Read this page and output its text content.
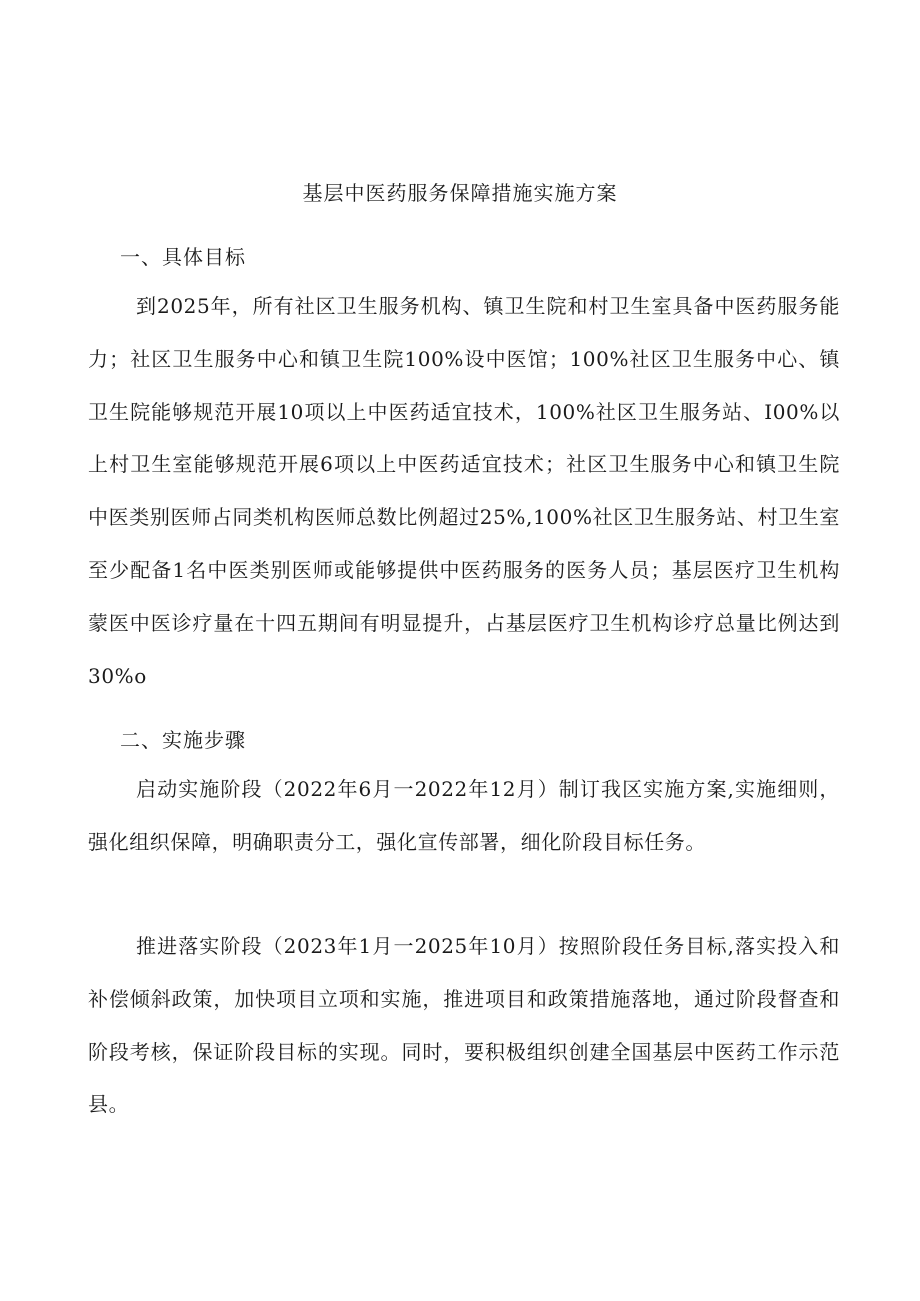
基层中医药服务保障措施实施方案
一、具体目标

到2025年，所有社区卫生服务机构、镇卫生院和村卫生室具备中医药服务能力；社区卫生服务中心和镇卫生院100%设中医馆；100%社区卫生服务中心、镇卫生院能够规范开展10项以上中医药适宜技术，100%社区卫生服务站、I00%以上村卫生室能够规范开展6项以上中医药适宜技术；社区卫生服务中心和镇卫生院中医类别医师占同类机构医师总数比例超过25%,100%社区卫生服务站、村卫生室至少配备1名中医类别医师或能够提供中医药服务的医务人员；基层医疗卫生机构蒙医中医诊疗量在十四五期间有明显提升，占基层医疗卫生机构诊疗总量比例达到30%o

二、实施步骤

启动实施阶段（2022年6月一2022年12月）制订我区实施方案,实施细则，强化组织保障，明确职责分工，强化宣传部署，细化阶段目标任务。

推进落实阶段（2023年1月一2025年10月）按照阶段任务目标,落实投入和补偿倾斜政策，加快项目立项和实施，推进项目和政策措施落地，通过阶段督查和阶段考核，保证阶段目标的实现。同时，要积极组织创建全国基层中医药工作示范县。
